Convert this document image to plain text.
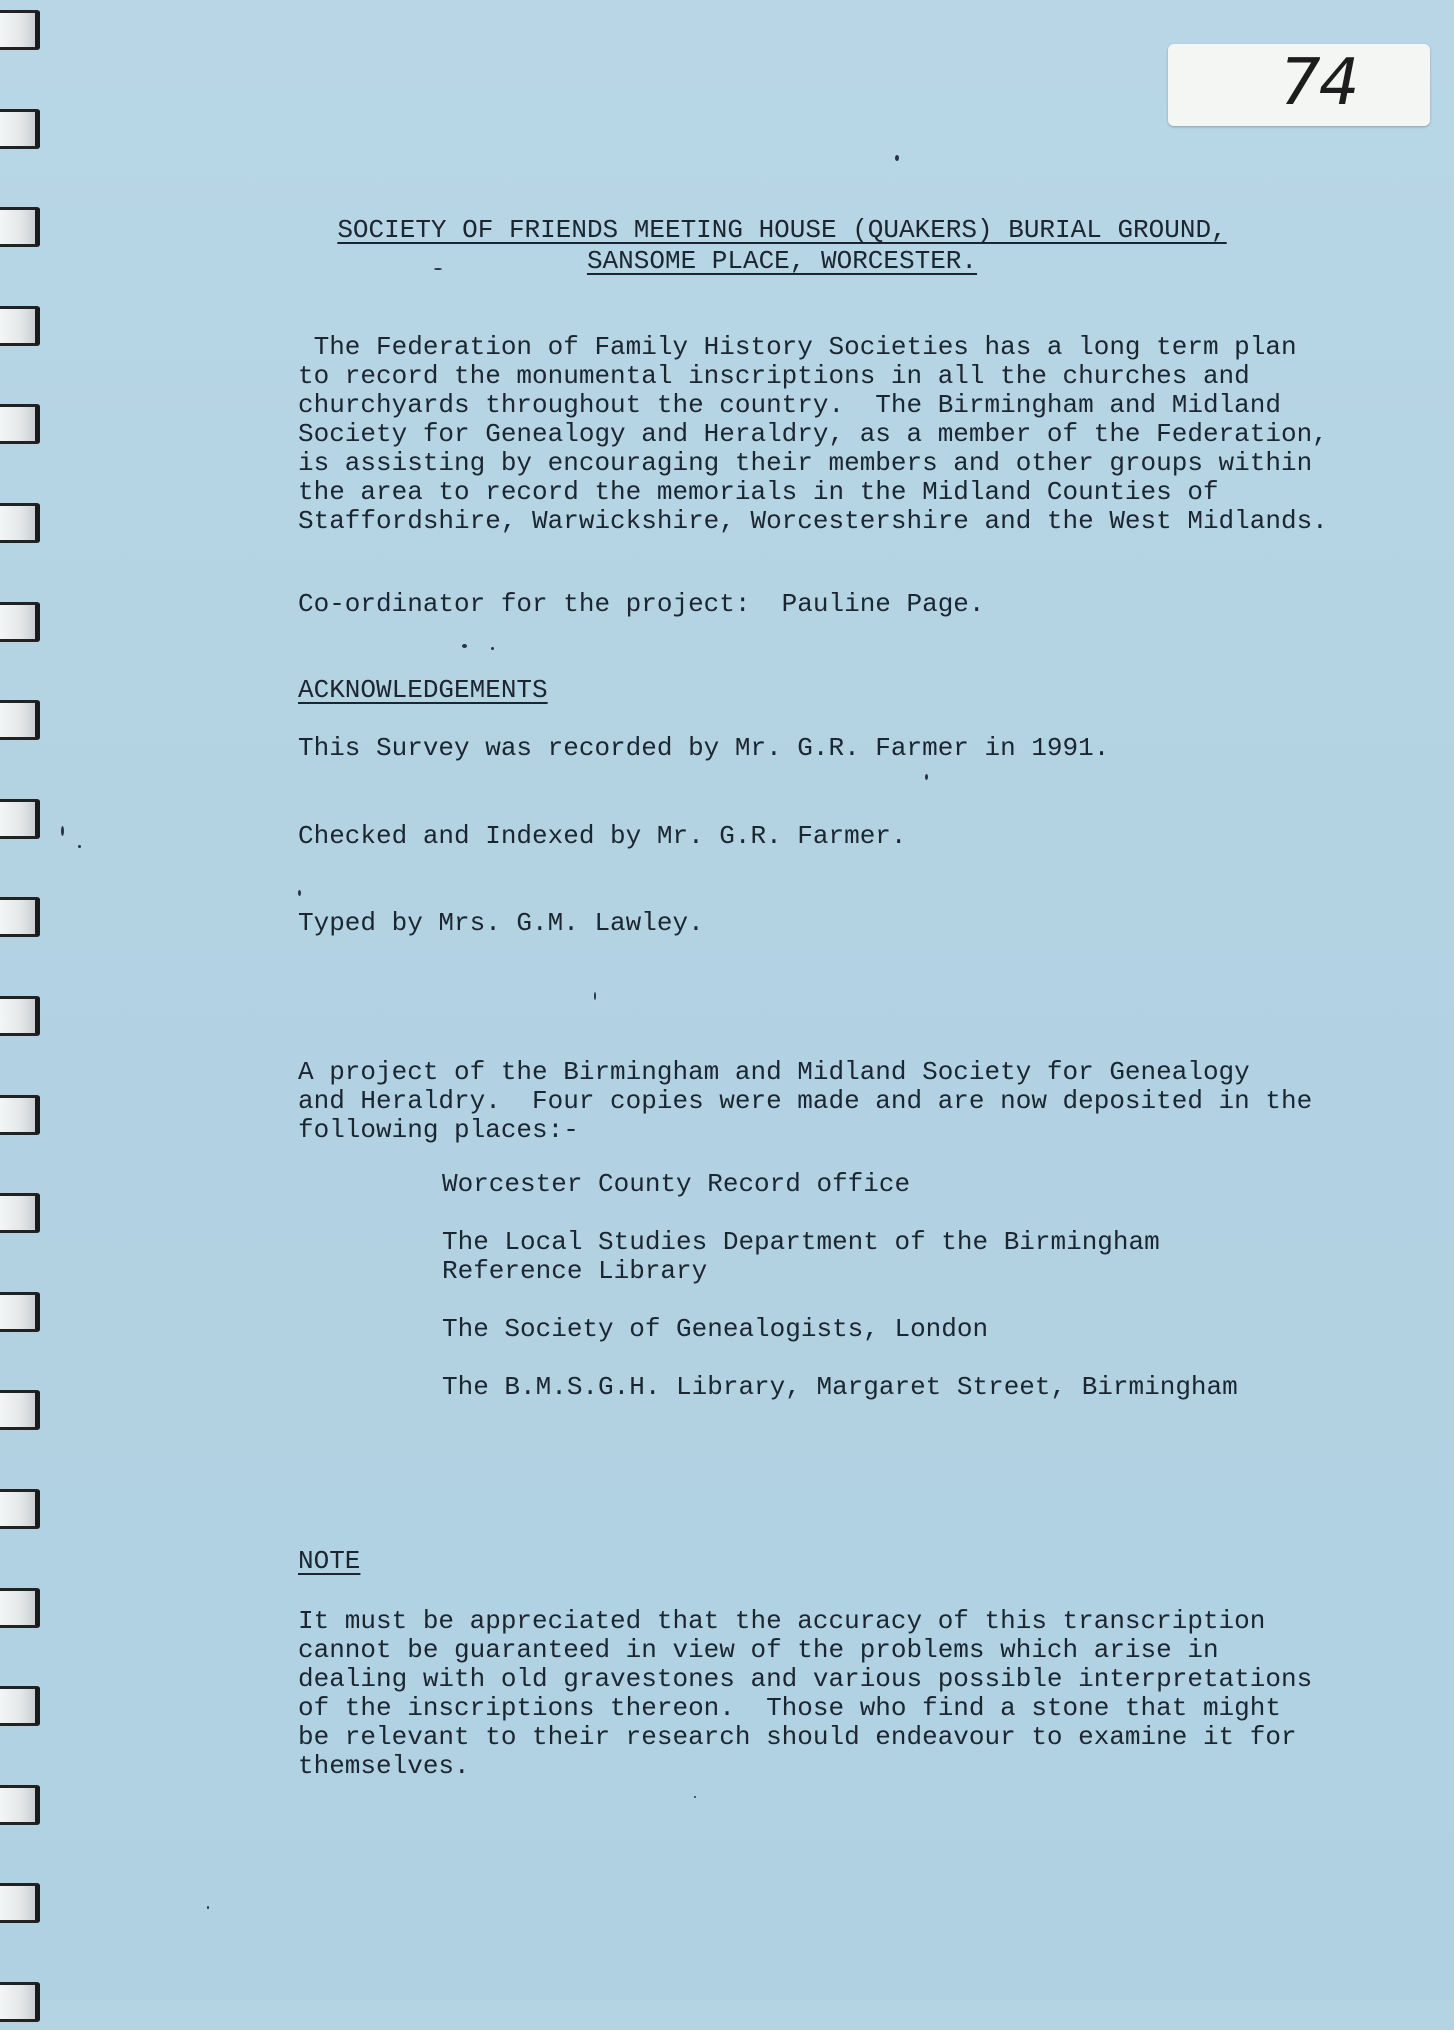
74
SOCIETY OF FRIENDS MEETING HOUSE (QUAKERS) BURIAL GROUND,
SANSOME PLACE, WORCESTER.
The Federation of Family History Societies has a long term plan
to record the monumental inscriptions in all the churches and
churchyards throughout the country.  The Birmingham and Midland
Society for Genealogy and Heraldry, as a member of the Federation,
is assisting by encouraging their members and other groups within
the area to record the memorials in the Midland Counties of
Staffordshire, Warwickshire, Worcestershire and the West Midlands.
Co-ordinator for the project:  Pauline Page.
ACKNOWLEDGEMENTS
This Survey was recorded by Mr. G.R. Farmer in 1991.
Checked and Indexed by Mr. G.R. Farmer.
Typed by Mrs. G.M. Lawley.
A project of the Birmingham and Midland Society for Genealogy
and Heraldry.  Four copies were made and are now deposited in the
following places:-
Worcester County Record office
The Local Studies Department of the Birmingham
Reference Library
The Society of Genealogists, London
The B.M.S.G.H. Library, Margaret Street, Birmingham
NOTE
It must be appreciated that the accuracy of this transcription
cannot be guaranteed in view of the problems which arise in
dealing with old gravestones and various possible interpretations
of the inscriptions thereon.  Those who find a stone that might
be relevant to their research should endeavour to examine it for
themselves.
